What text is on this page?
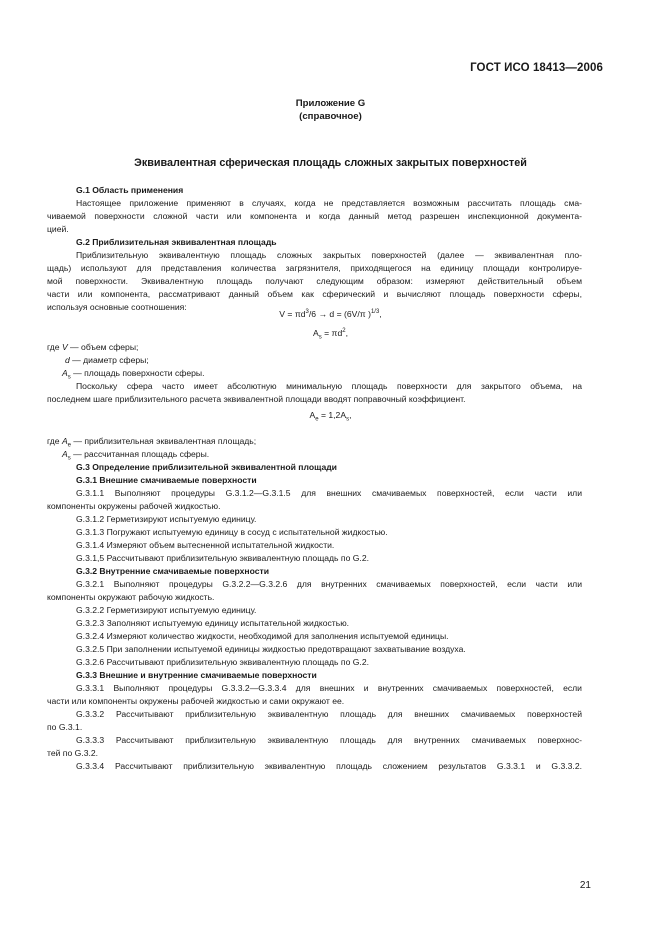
ГОСТ ИСО 18413—2006
Приложение G
(справочное)
Эквивалентная сферическая площадь сложных закрытых поверхностей
G.1 Область применения
Настоящее приложение применяют в случаях, когда не представляется возможным рассчитать площадь сма-
чиваемой поверхности сложной части или компонента и когда данный метод разрешен инспекционной документа-
цией.
G.2 Приблизительная эквивалентная площадь
Приблизительную эквивалентную площадь сложных закрытых поверхностей (далее — эквивалентная пло-
щадь) используют для представления количества загрязнителя, приходящегося на единицу площади контролируе-
мой поверхности. Эквивалентную площадь получают следующим образом: измеряют действительный объем
части или компонента, рассматривают данный объем как сферический и вычисляют площадь поверхности сферы,
используя основные соотношения:
$V = \pi d^3/6 \to d = (6V/\pi$ )$^{1/3}$,
$A_s = \pi d^2$,
где V — объем сферы;
d — диаметр сферы;
$A_s$ — площадь поверхности сферы.
Поскольку сфера часто имеет абсолютную минимальную площадь поверхности для закрытого объема, на
последнем шаге приблизительного расчета эквивалентной площади вводят поправочный коэффициент.
$A_e = 1,2A_s$,
где $A_e$ — приблизительная эквивалентная площадь;
$A_s$ — рассчитанная площадь сферы.
G.3 Определение приблизительной эквивалентной площади
G.3.1 Внешние смачиваемые поверхности
G.3.1.1 Выполняют процедуры G.3.1.2—G.3.1.5 для внешних смачиваемых поверхностей, если части или
компоненты окружены рабочей жидкостью.
G.3.1.2 Герметизируют испытуемую единицу.
G.3.1.3 Погружают испытуемую единицу в сосуд с испытательной жидкостью.
G.3.1.4 Измеряют объем вытесненной испытательной жидкости.
G.3.1,5 Рассчитывают приблизительную эквивалентную площадь по G.2.
G.3.2 Внутренние смачиваемые поверхности
G.3.2.1 Выполняют процедуры G.3.2.2—G.3.2.6 для внутренних смачиваемых поверхностей, если части или
компоненты окружают рабочую жидкость.
G.3.2.2 Герметизируют испытуемую единицу.
G.3.2.3 Заполняют испытуемую единицу испытательной жидкостью.
G.3.2.4 Измеряют количество жидкости, необходимой для заполнения испытуемой единицы.
G.3.2.5 При заполнении испытуемой единицы жидкостью предотвращают захватывание воздуха.
G.3.2.6 Рассчитывают приблизительную эквивалентную площадь по G.2.
G.3.3 Внешние и внутренние смачиваемые поверхности
G.3.3.1 Выполняют процедуры G.3.3.2—G.3.3.4 для внешних и внутренних смачиваемых поверхностей, если
части или компоненты окружены рабочей жидкостью и сами окружают ее.
G.3.3.2 Рассчитывают приблизительную эквивалентную площадь для внешних смачиваемых поверхностей
по G.3.1.
G.3.3.3 Рассчитывают приблизительную эквивалентную площадь для внутренних смачиваемых поверхнос-
тей по G.3.2.
G.3.3.4 Рассчитывают приблизительную эквивалентную площадь сложением результатов G.3.3.1 и G.3.3.2.
21
